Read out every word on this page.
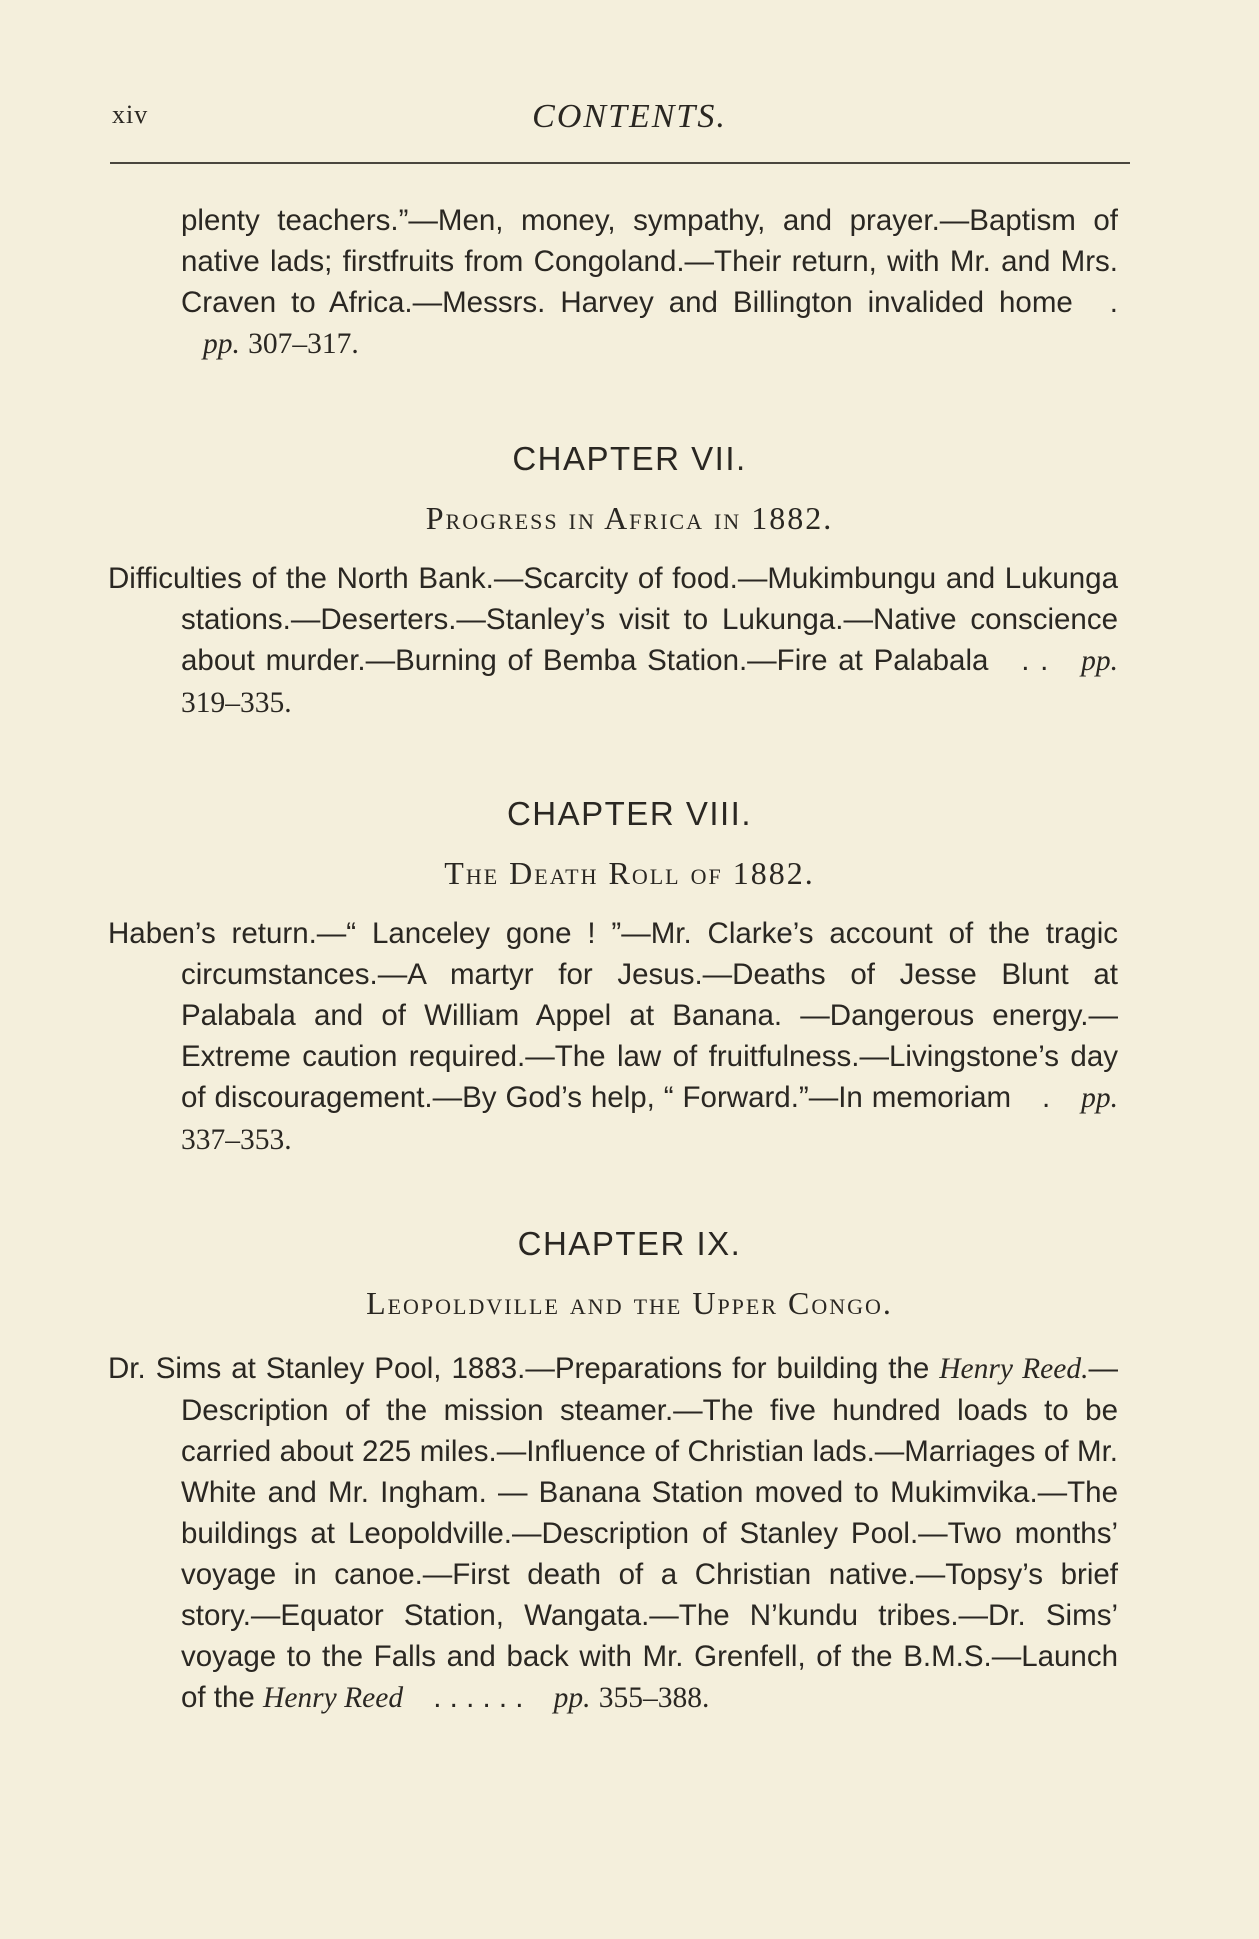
xiv	CONTENTS.

plenty teachers.”—Men, money, sympathy, and prayer.—Baptism of native lads; firstfruits from Congoland.—Their return, with Mr. and Mrs. Craven to Africa.—Messrs. Harvey and Billington invalided home . pp. 307–317.

CHAPTER VII.
Progress in Africa in 1882.

Difficulties of the North Bank.—Scarcity of food.—Mukimbungu and Lukunga stations.—Deserters.—Stanley’s visit to Lukunga.—Native conscience about murder.—Burning of Bemba Station.—Fire at Palabala . . pp. 319–335.

CHAPTER VIII.
The Death Roll of 1882.

Haben’s return.—“ Lanceley gone ! ”—Mr. Clarke’s account of the tragic circumstances.—A martyr for Jesus.—Deaths of Jesse Blunt at Palabala and of William Appel at Banana. —Dangerous energy.—Extreme caution required.—The law of fruitfulness.—Livingstone’s day of discouragement.—By God’s help, “ Forward.”—In memoriam . pp. 337–353.

CHAPTER IX.
Leopoldville and the Upper Congo.

Dr. Sims at Stanley Pool, 1883.—Preparations for building the Henry Reed.—Description of the mission steamer.—The five hundred loads to be carried about 225 miles.—Influence of Christian lads.—Marriages of Mr. White and Mr. Ingham. — Banana Station moved to Mukimvika.—The buildings at Leopoldville.—Description of Stanley Pool.—Two months’ voyage in canoe.—First death of a Christian native.—Topsy’s brief story.—Equator Station, Wangata.—The N’kundu tribes.—Dr. Sims’ voyage to the Falls and back with Mr. Grenfell, of the B.M.S.—Launch of the Henry Reed . . . . . . pp. 355–388.
